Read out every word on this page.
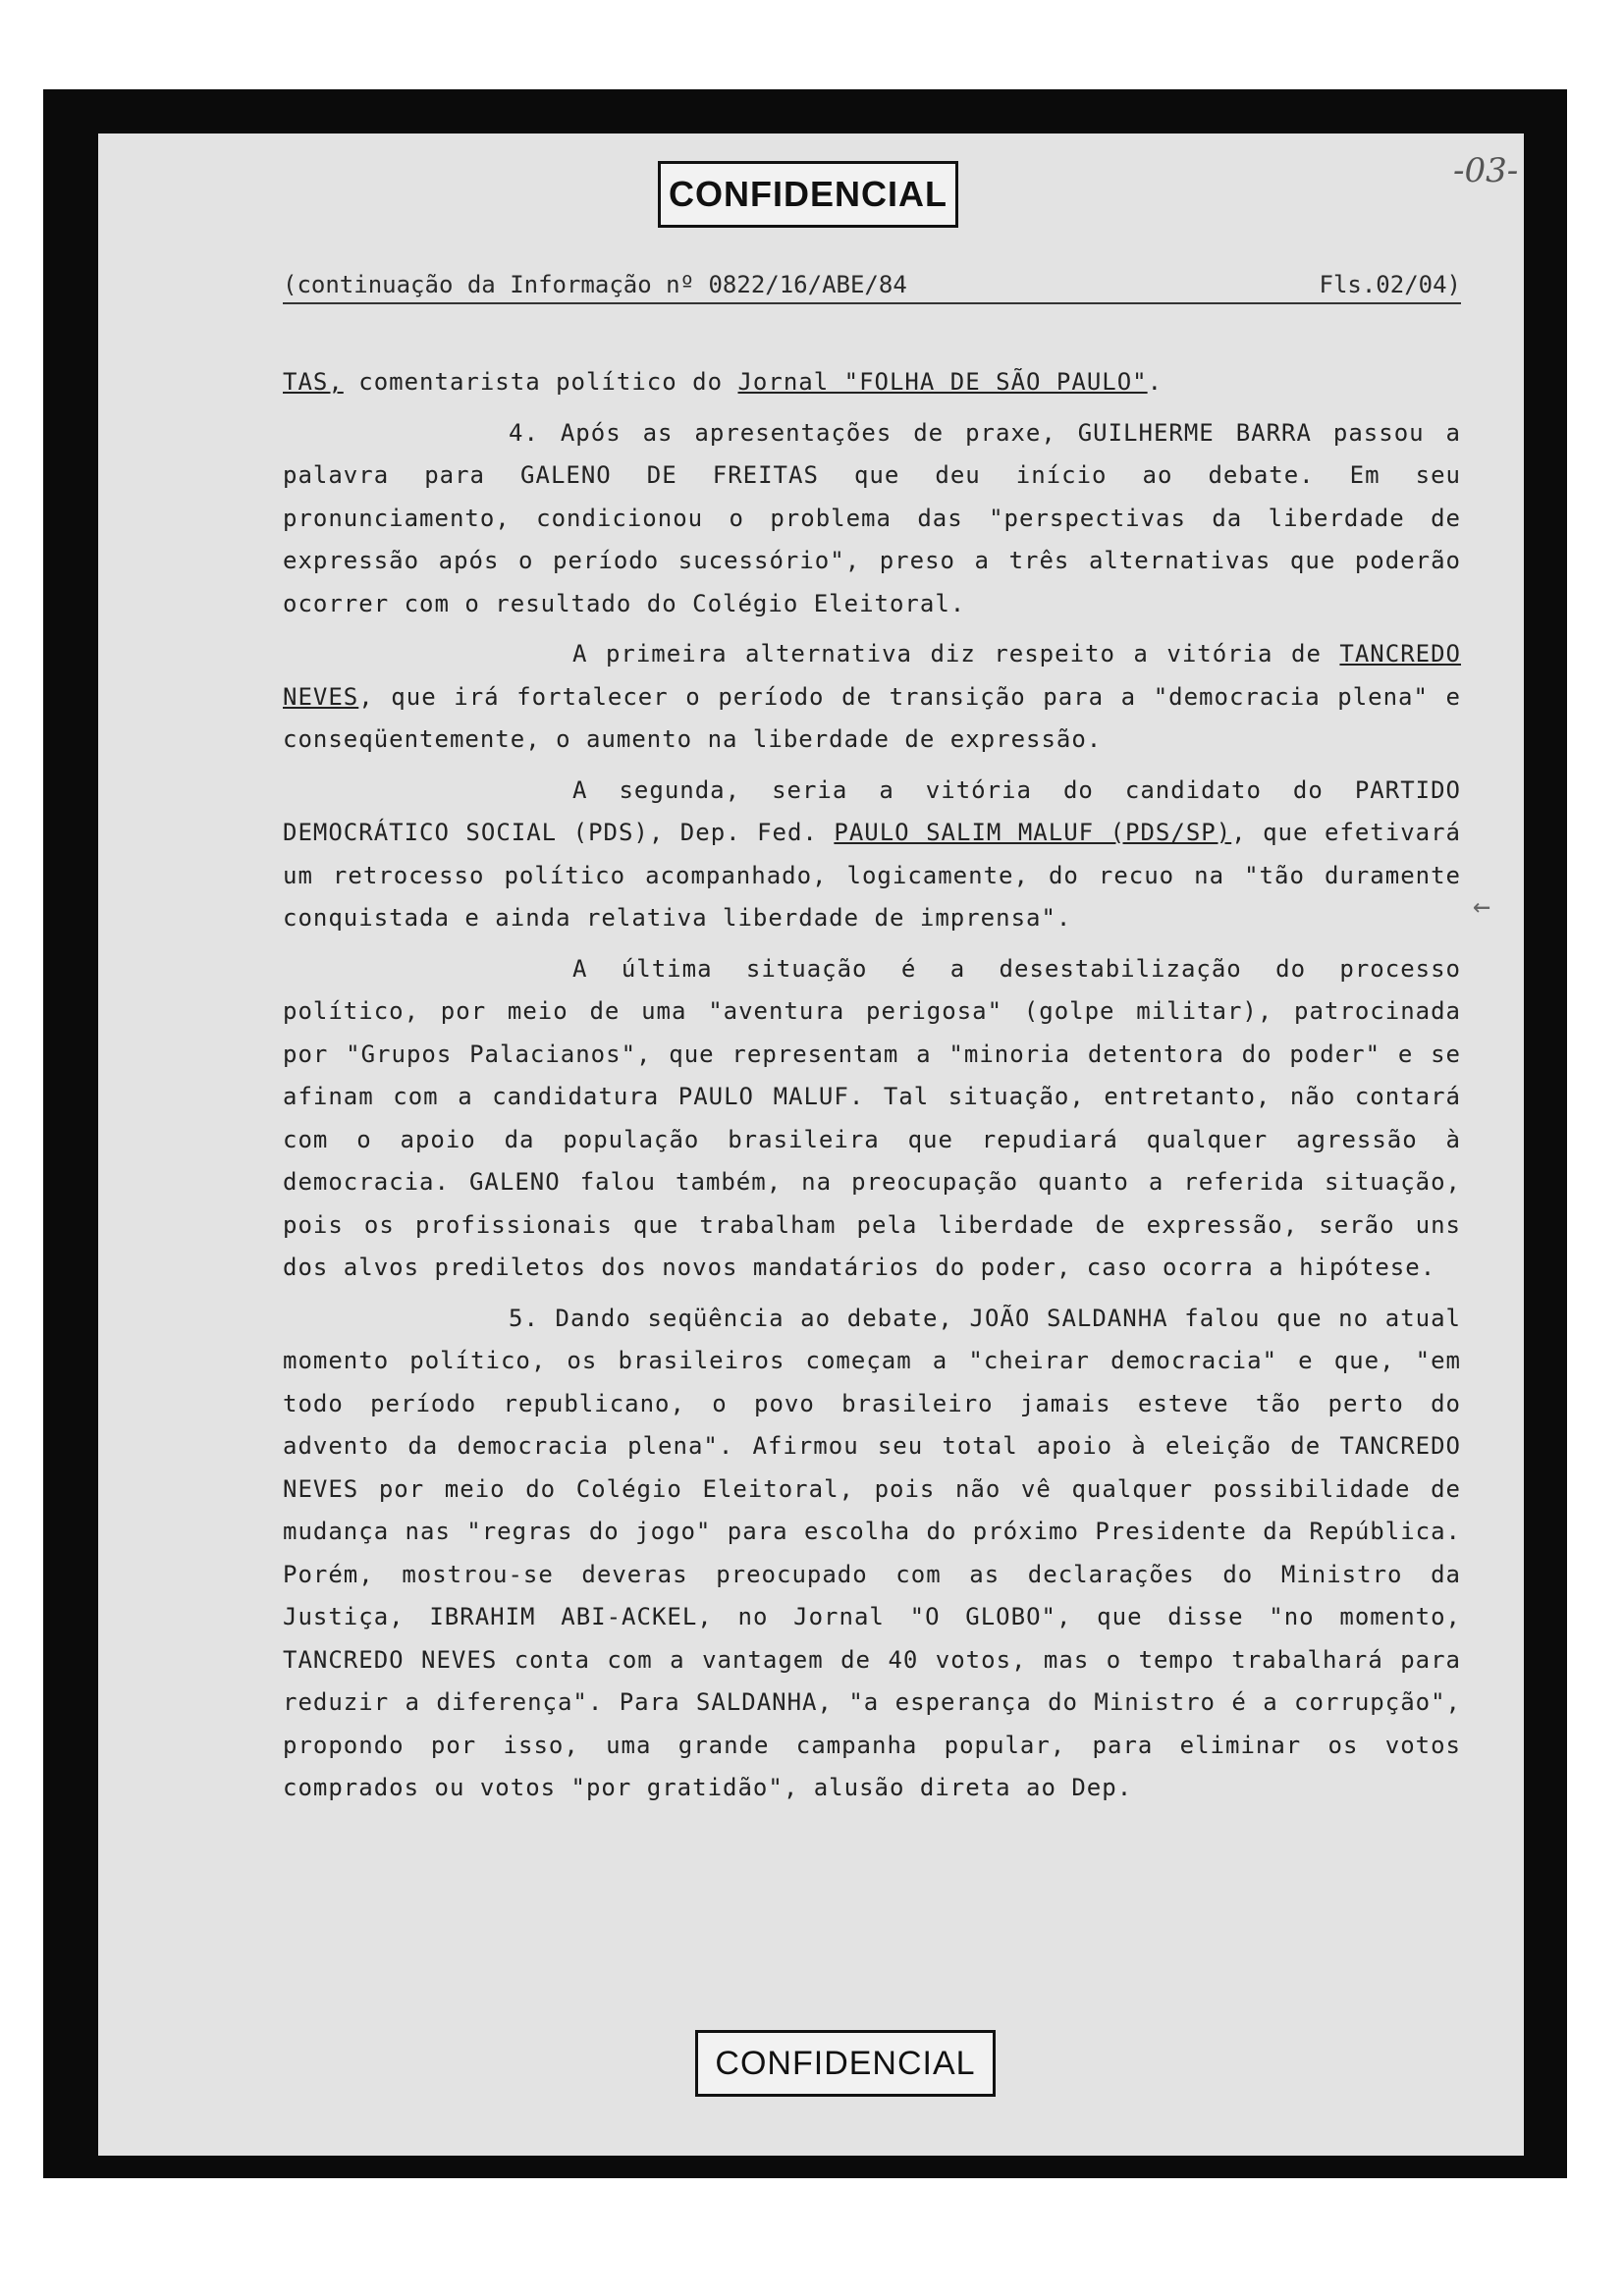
CONFIDENCIAL
-03-
(continuação da Informação nº 0822/16/ABE/84	Fls.02/04)
←

TAS, comentarista político do Jornal "FOLHA DE SÃO PAULO".

4. Após as apresentações de praxe, GUILHERME BARRA passou a palavra para GALENO DE FREITAS que deu início ao debate. Em seu pronunciamento, condicionou o problema das "perspectivas da liberdade de expressão após o período sucessório", preso a três alternativas que poderão ocorrer com o resultado do Colégio Eleitoral.

A primeira alternativa diz respeito a vitória de TANCREDO NEVES, que irá fortalecer o período de transição para a "democracia plena" e conseqüentemente, o aumento na liberdade de expressão.

A segunda, seria a vitória do candidato do PARTIDO DEMOCRÁTICO SOCIAL (PDS), Dep. Fed. PAULO SALIM MALUF (PDS/SP), que efetivará um retrocesso político acompanhado, logicamente, do recuo na "tão duramente conquistada e ainda relativa liberdade de imprensa".

A última situação é a desestabilização do processo político, por meio de uma "aventura perigosa" (golpe militar), patrocinada por "Grupos Palacianos", que representam a "minoria detentora do poder" e se afinam com a candidatura PAULO MALUF. Tal situação, entretanto, não contará com o apoio da população brasileira que repudiará qualquer agressão à democracia. GALENO falou também, na preocupação quanto a referida situação, pois os profissionais que trabalham pela liberdade de expressão, serão uns dos alvos prediletos dos novos mandatários do poder, caso ocorra a hipótese.

5. Dando seqüência ao debate, JOÃO SALDANHA falou que no atual momento político, os brasileiros começam a "cheirar democracia" e que, "em todo período republicano, o povo brasileiro jamais esteve tão perto do advento da democracia plena". Afirmou seu total apoio à eleição de TANCREDO NEVES por meio do Colégio Eleitoral, pois não vê qualquer possibilidade de mudança nas "regras do jogo" para escolha do próximo Presidente da República. Porém, mostrou-se deveras preocupado com as declarações do Ministro da Justiça, IBRAHIM ABI-ACKEL, no Jornal "O GLOBO", que disse "no momento, TANCREDO NEVES conta com a vantagem de 40 votos, mas o tempo trabalhará para reduzir a diferença". Para SALDANHA, "a esperança do Ministro é a corrupção", propondo por isso, uma grande campanha popular, para eliminar os votos comprados ou votos "por gratidão", alusão direta ao Dep.

CONFIDENCIAL
